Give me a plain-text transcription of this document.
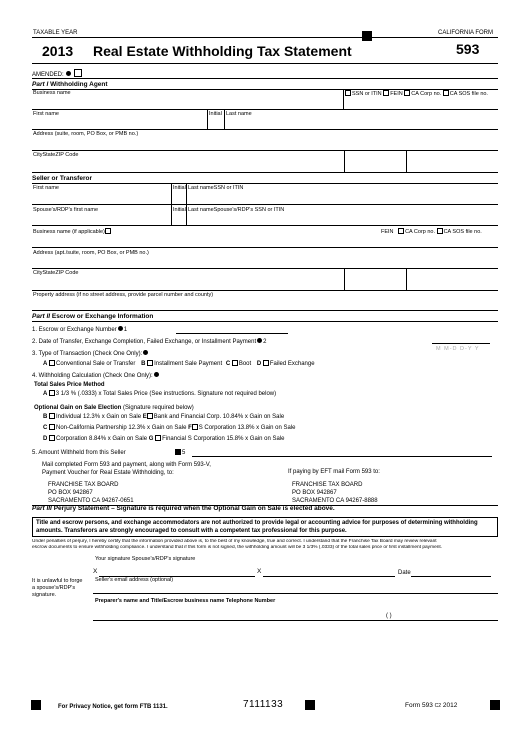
TAXABLE YEAR
2013 Real Estate Withholding Tax Statement
CALIFORNIA FORM
593
AMENDED:
Part I Withholding Agent
Business name	SSN or ITIN FEIN CA Corp no. CA SOS file no.
First name	Initial Last name
Address (suite, room, PO Box, or PMB no.)
CityStateZIP Code
Seller or Transferor
First name	Initial Last nameSSN or ITIN
Spouse's/RDP's first name	Initial Last nameSpouse's/RDP's SSN or ITIN
Business name (if applicable)	FEIN CA Corp no. CA SOS file no.
Address (apt./suite, room, PO Box, or PMB no.)
CityStateZIP Code
Property address (if no street address, provide parcel number and county)
Part II Escrow or Exchange Information
1. Escrow or Exchange Number 1
2. Date of Transfer, Exchange Completion, Failed Exchange, or Installment Payment 2
M M-D D-Y Y
3. Type of Transaction (Check One Only):
A Conventional Sale or Transfer B Installment Sale Payment C Boot D Failed Exchange
4. Withholding Calculation (Check One Only):
Total Sales Price Method
A 3 1/3 % (.0333) x Total Sales Price (See instructions. Signature not required below)
Optional Gain on Sale Election (Signature required below)
B Individual 12.3% x Gain on Sale E Bank and Financial Corp. 10.84% x Gain on Sale
C Non-California Partnership 12.3% x Gain on Sale F S Corporation 13.8% x Gain on Sale
D Corporation 8.84% x Gain on Sale G Financial S Corporation 15.8% x Gain on Sale
5. Amount Withheld from this Seller	5
Mail completed Form 593 and payment, along with Form 593-V,
Payment Voucher for Real Estate Withholding, to:
FRANCHISE TAX BOARD
PO BOX 942867
SACRAMENTO CA 94267-0651
If paying by EFT mail Form 593 to:
FRANCHISE TAX BOARD
PO BOX 942867
SACRAMENTO CA 94267-8888
Part III Perjury Statement – Signature is required when the Optional Gain on Sale is elected above.
Title and escrow persons, and exchange accommodators are not authorized to provide legal or accounting advice for purposes of determining withholding
amounts. Transferors are strongly encouraged to consult with a competent tax professional for this purpose.
Under penalties of perjury, I hereby certify that the information provided above is, to the best of my knowledge, true and correct. I understand that the Franchise Tax Board may review relevant
escrow documents to ensure withholding compliance. I understand that if this form is not signed, the withholding amount will be 3 1/3% (.0333) of the total sales price or first installment payment.
Your signature Spouse's/RDP's signature
X	X	Date
It is unlawful to forge
a spouse's/RDP's
signature.
Seller's email address (optional)
Preparer's name and Title/Escrow business name Telephone Number
( )
For Privacy Notice, get form FTB 1131.	7111133	Form 593 C2 2012
